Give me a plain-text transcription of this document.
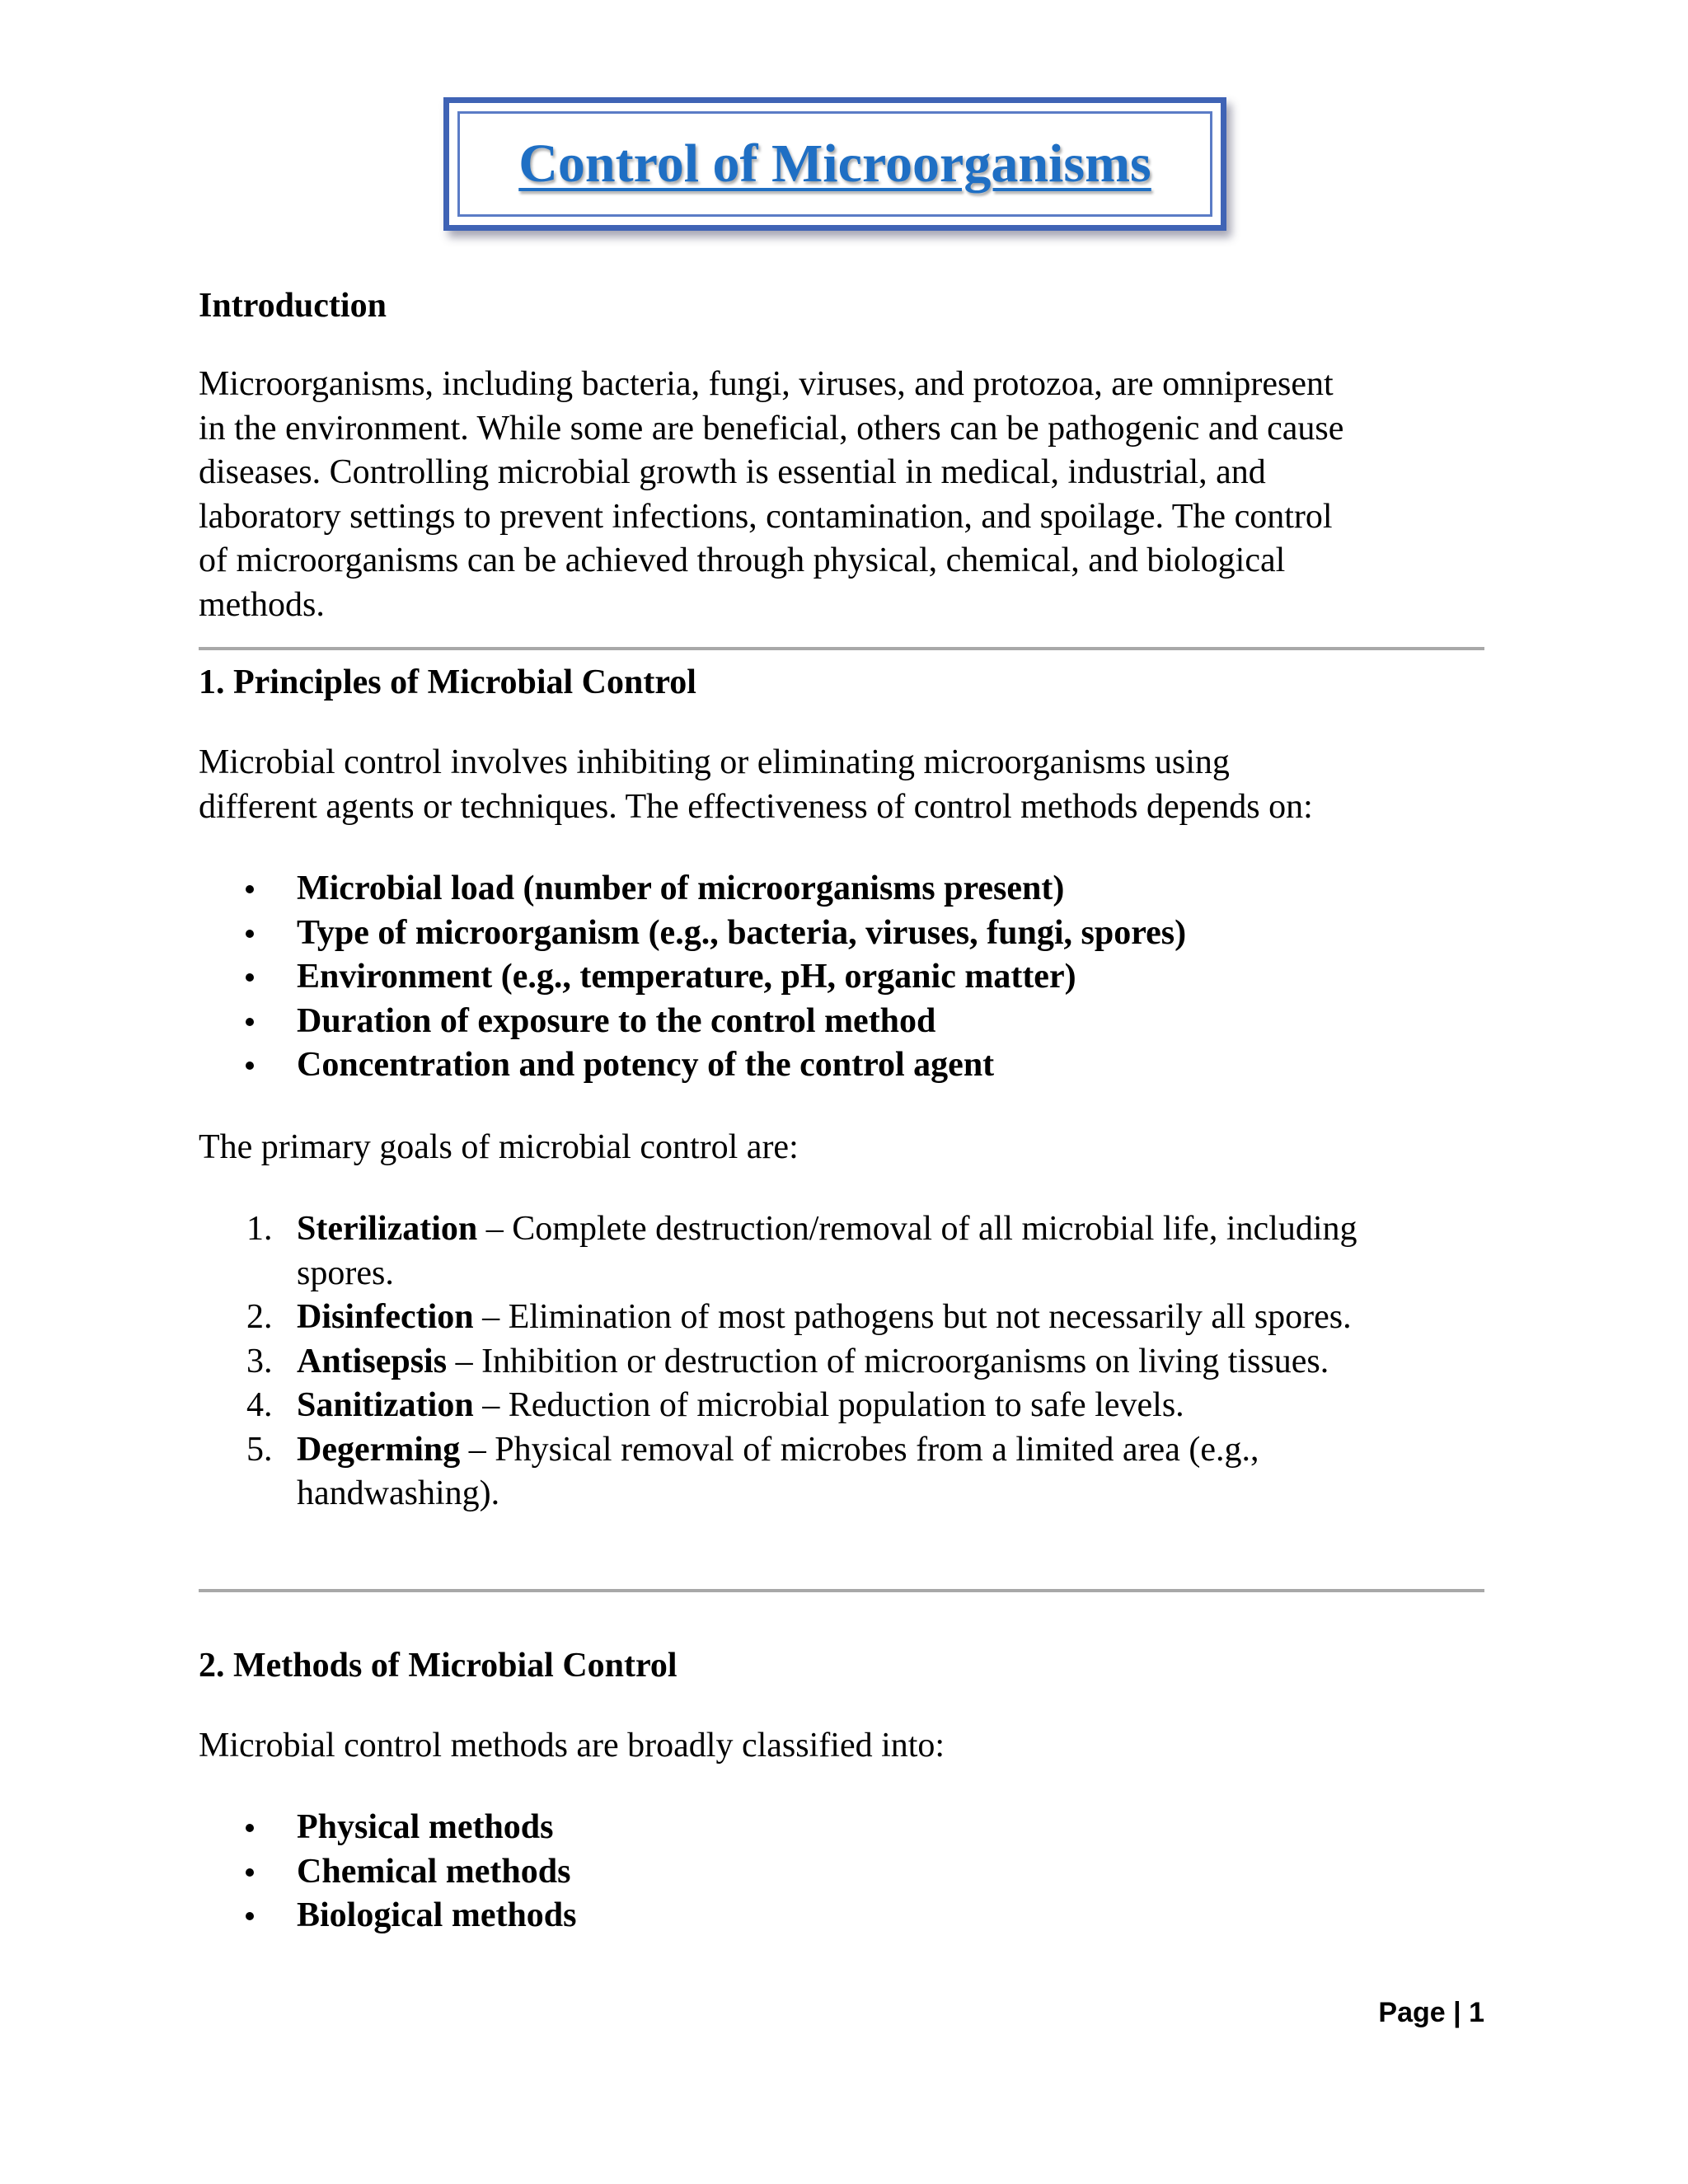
Control of Microorganisms
Introduction
Microorganisms, including bacteria, fungi, viruses, and protozoa, are omnipresent
in the environment. While some are beneficial, others can be pathogenic and cause
diseases. Controlling microbial growth is essential in medical, industrial, and
laboratory settings to prevent infections, contamination, and spoilage. The control
of microorganisms can be achieved through physical, chemical, and biological
methods.
1. Principles of Microbial Control
Microbial control involves inhibiting or eliminating microorganisms using
different agents or techniques. The effectiveness of control methods depends on:
Microbial load (number of microorganisms present)
Type of microorganism (e.g., bacteria, viruses, fungi, spores)
Environment (e.g., temperature, pH, organic matter)
Duration of exposure to the control method
Concentration and potency of the control agent
The primary goals of microbial control are:
1. Sterilization – Complete destruction/removal of all microbial life, including
spores.
2. Disinfection – Elimination of most pathogens but not necessarily all spores.
3. Antisepsis – Inhibition or destruction of microorganisms on living tissues.
4. Sanitization – Reduction of microbial population to safe levels.
5. Degerming – Physical removal of microbes from a limited area (e.g.,
handwashing).
2. Methods of Microbial Control
Microbial control methods are broadly classified into:
Physical methods
Chemical methods
Biological methods
Page | 1
